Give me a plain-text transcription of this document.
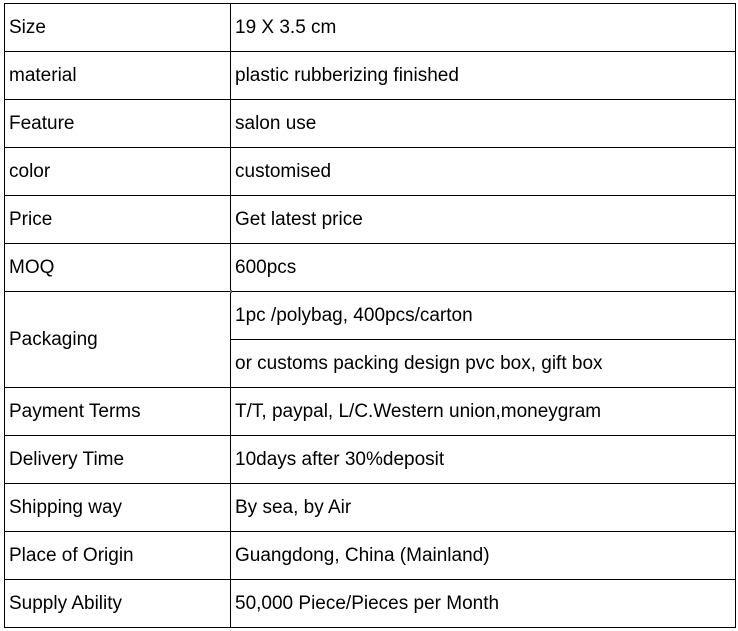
Size	19 X 3.5 cm
material	plastic rubberizing finished
Feature	salon use
color	customised
Price	Get latest price
MOQ	600pcs
Packaging	1pc /polybag, 400pcs/carton
	or customs packing design pvc box, gift box
Payment Terms	T/T, paypal, L/C.Western union,moneygram
Delivery Time	10days after 30%deposit
Shipping way	By sea, by Air
Place of Origin	Guangdong, China (Mainland)
Supply Ability	50,000 Piece/Pieces per Month
